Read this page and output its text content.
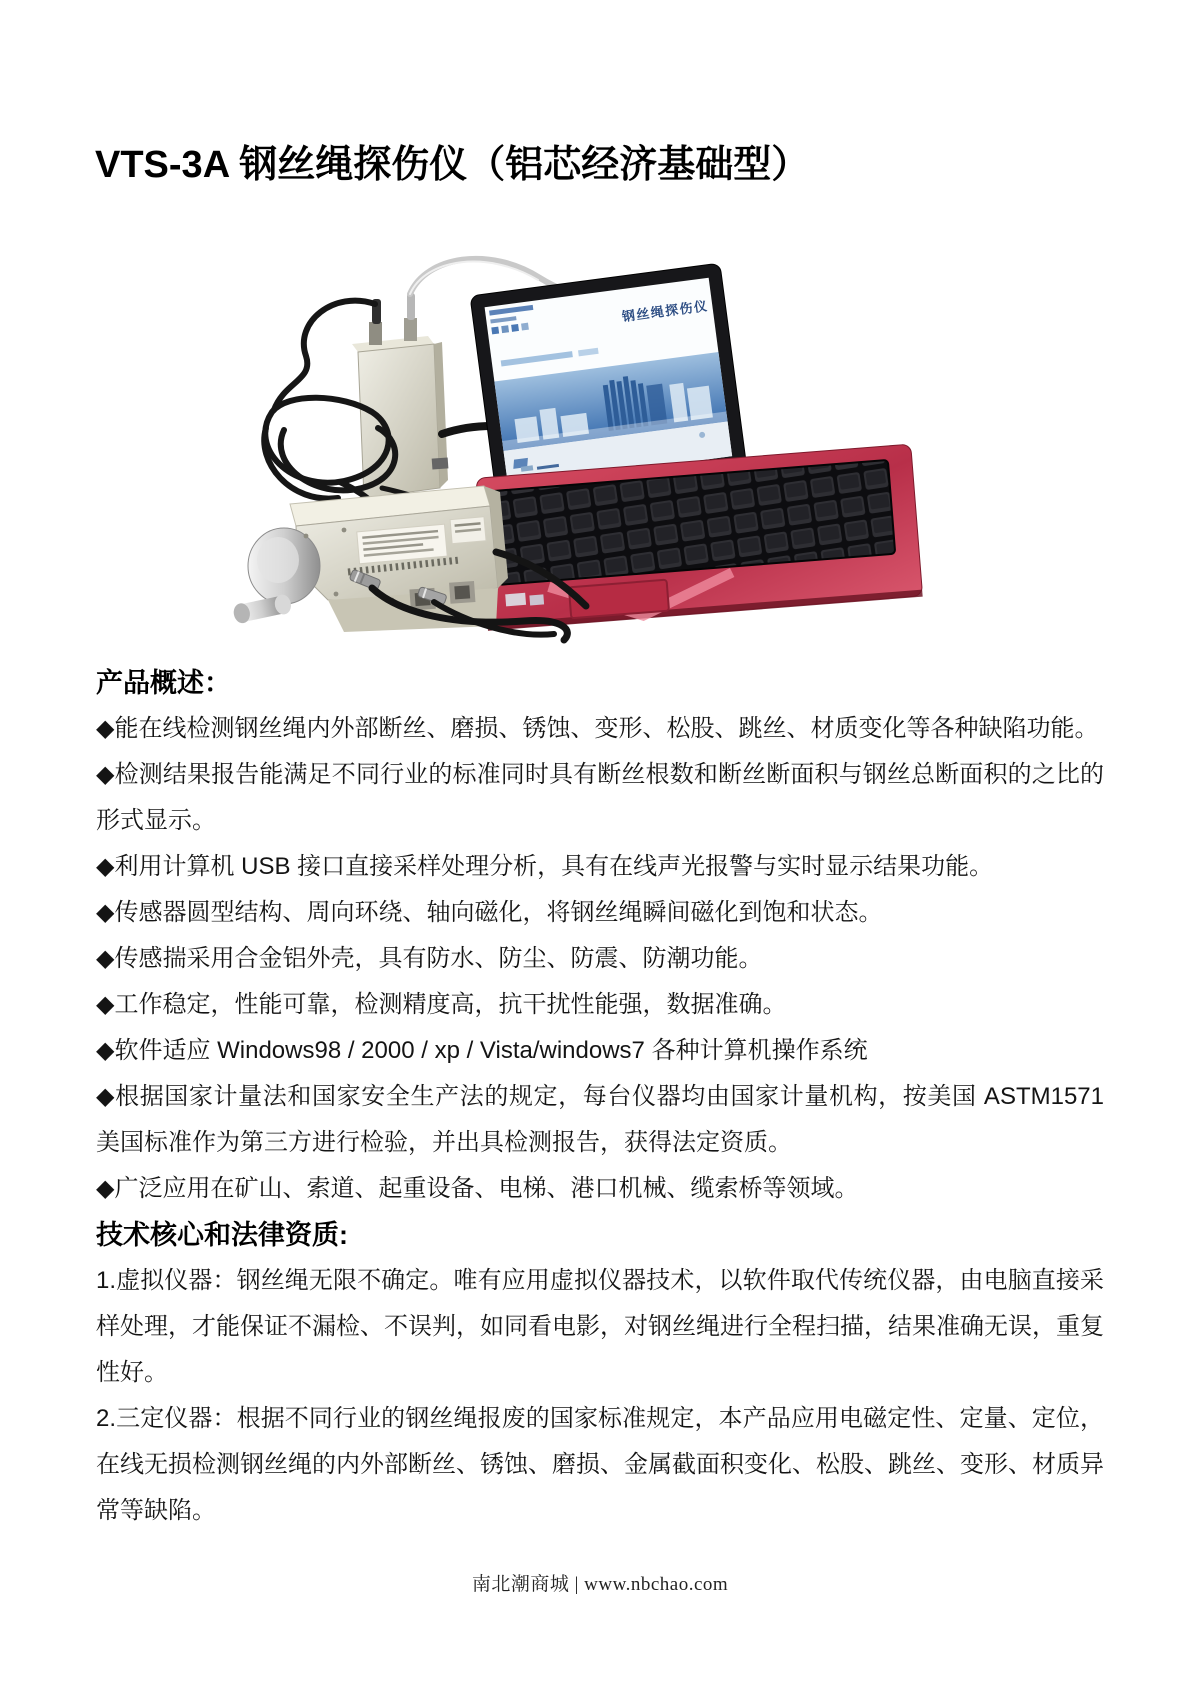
VTS-3A 钢丝绳探伤仪（铝芯经济基础型）
钢丝绳探伤仪
产品概述：

◆能在线检测钢丝绳内外部断丝、磨损、锈蚀、变形、松股、跳丝、材质变化等各种缺陷功能。

◆检测结果报告能满足不同行业的标准同时具有断丝根数和断丝断面积与钢丝总断面积的之比的形式显示。

◆利用计算机 USB 接口直接采样处理分析，具有在线声光报警与实时显示结果功能。

◆传感器圆型结构、周向环绕、轴向磁化，将钢丝绳瞬间磁化到饱和状态。

◆传感揣采用合金铝外壳，具有防水、防尘、防震、防潮功能。

◆工作稳定，性能可靠，检测精度高，抗干扰性能强，数据准确。

◆软件适应 Windows98 / 2000 / xp / Vista/windows7 各种计算机操作系统

◆根据国家计量法和国家安全生产法的规定，每台仪器均由国家计量机构，按美国 ASTM1571 美国标准作为第三方进行检验，并出具检测报告，获得法定资质。

◆广泛应用在矿山、索道、起重设备、电梯、港口机械、缆索桥等领域。

技术核心和法律资质:

1.虚拟仪器：钢丝绳无限不确定。唯有应用虚拟仪器技术，以软件取代传统仪器，由电脑直接采样处理，才能保证不漏检、不误判，如同看电影，对钢丝绳进行全程扫描，结果准确无误，重复性好。

2.三定仪器：根据不同行业的钢丝绳报废的国家标准规定，本产品应用电磁定性、定量、定位，在线无损检测钢丝绳的内外部断丝、锈蚀、磨损、金属截面积变化、松股、跳丝、变形、材质异常等缺陷。

南北潮商城 | www.nbchao.com
